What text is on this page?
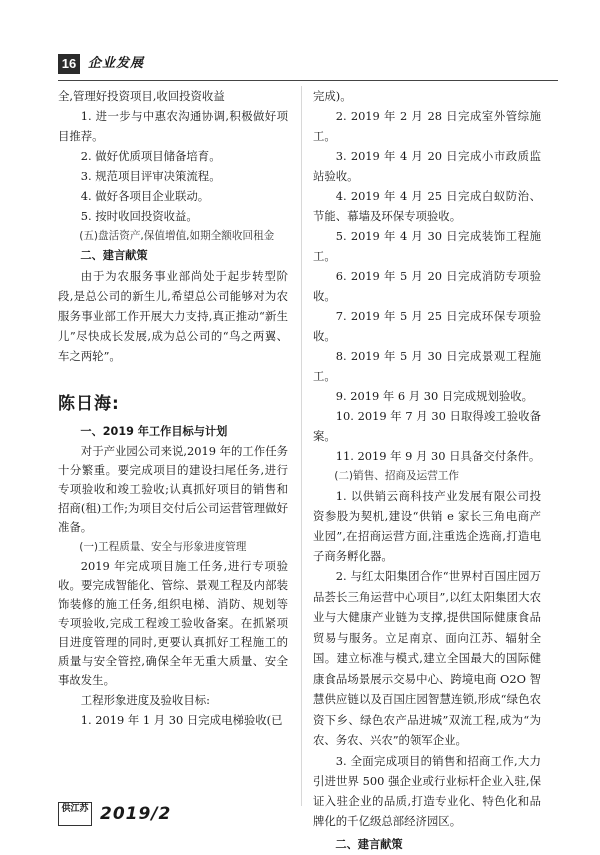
16 企业发展

全,管理好投资项目,收回投资收益

1. 进一步与中惠农沟通协调,积极做好项目推荐。

2. 做好优质项目储备培育。

3. 规范项目评审决策流程。

4. 做好各项目企业联动。

5. 按时收回投资收益。

(五)盘活资产,保值增值,如期全额收回租金

二、建言献策

由于为农服务事业部尚处于起步转型阶段,是总公司的新生儿,希望总公司能够对为农服务事业部工作开展大力支持,真正推动“新生儿”尽快成长发展,成为总公司的“鸟之两翼、车之两轮”。

陈日海:

一、2019 年工作目标与计划

对于产业园公司来说,2019 年的工作任务十分繁重。要完成项目的建设扫尾任务,进行专项验收和竣工验收;认真抓好项目的销售和招商(租)工作;为项目交付后公司运营管理做好准备。

(一)工程质量、安全与形象进度管理

2019 年完成项目施工任务,进行专项验收。要完成智能化、管综、景观工程及内部装饰装修的施工任务,组织电梯、消防、规划等专项验收,完成工程竣工验收备案。在抓紧项目进度管理的同时,更要认真抓好工程施工的质量与安全管控,确保全年无重大质量、安全事故发生。

工程形象进度及验收目标:

1. 2019 年 1 月 30 日完成电梯验收(已

完成)。

2. 2019 年 2 月 28 日完成室外管综施工。

3. 2019 年 4 月 20 日完成小市政质监站验收。

4. 2019 年 4 月 25 日完成白蚁防治、节能、幕墙及环保专项验收。

5. 2019 年 4 月 30 日完成装饰工程施工。

6. 2019 年 5 月 20 日完成消防专项验收。

7. 2019 年 5 月 25 日完成环保专项验收。

8. 2019 年 5 月 30 日完成景观工程施工。

9. 2019 年 6 月 30 日完成规划验收。

10. 2019 年 7 月 30 日取得竣工验收备案。

11. 2019 年 9 月 30 日具备交付条件。

(二)销售、招商及运营工作

1. 以供销云商科技产业发展有限公司投资参股为契机,建设“供销 e 家长三角电商产业园”,在招商运营方面,注重选企选商,打造电子商务孵化器。

2. 与红太阳集团合作“世界村百国庄园万品荟长三角运营中心项目”,以红太阳集团大农业与大健康产业链为支撑,提供国际健康食品贸易与服务。立足南京、面向江苏、辐射全国。建立标准与模式,建立全国最大的国际健康食品场景展示交易中心、跨境电商 O2O 智慧供应链以及百国庄园智慧连锁,形成“绿色农资下乡、绿色农产品进城”双流工程,成为“为农、务农、兴农”的领军企业。

3. 全面完成项目的销售和招商工作,大力引进世界 500 强企业或行业标杆企业入驻,保证入驻企业的品质,打造专业化、特色化和品牌化的千亿级总部经济园区。

二、建言献策

供江苏 2019/2
